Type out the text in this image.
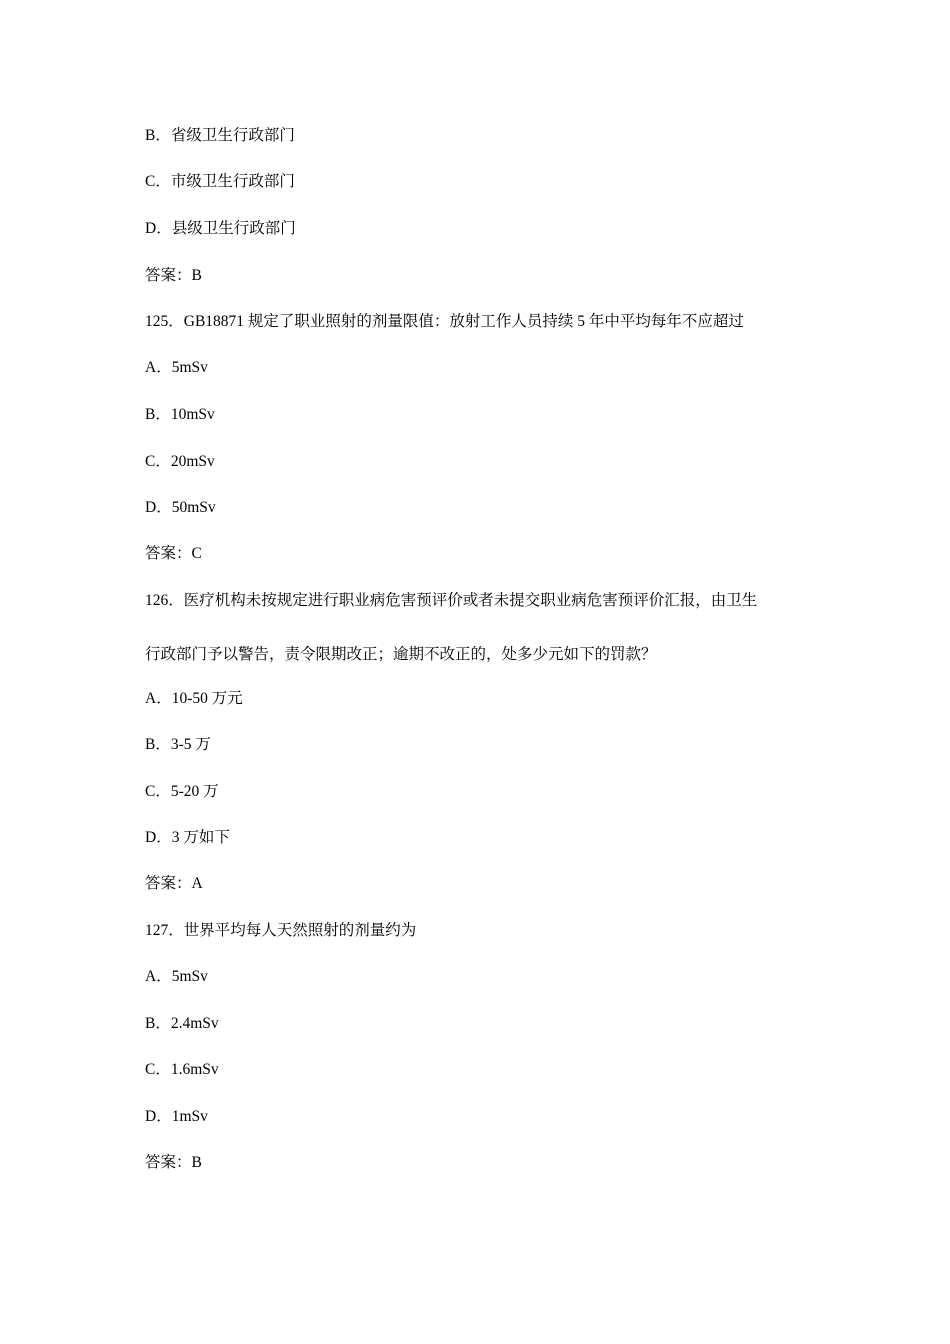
B．省级卫生行政部门
C．市级卫生行政部门
D．县级卫生行政部门
答案：B
125．GB18871 规定了职业照射的剂量限值：放射工作人员持续 5 年中平均每年不应超过
A．5mSv
B．10mSv
C．20mSv
D．50mSv
答案：C
126．医疗机构未按规定进行职业病危害预评价或者未提交职业病危害预评价汇报，由卫生
行政部门予以警告，责令限期改正；逾期不改正的，处多少元如下的罚款？
A．10-50 万元
B．3-5 万
C．5-20 万
D．3 万如下
答案：A
127．世界平均每人天然照射的剂量约为
A．5mSv
B．2.4mSv
C．1.6mSv
D．1mSv
答案：B
